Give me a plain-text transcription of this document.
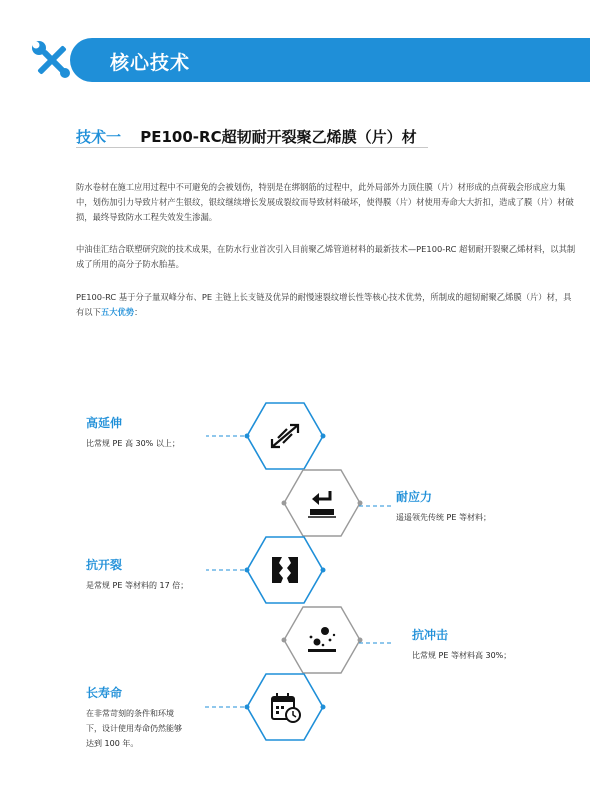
核心技术
技术一 PE100-RC超韧耐开裂聚乙烯膜（片）材
防水卷材在施工应用过程中不可避免的会被划伤，特别是在绑钢筋的过程中，此外局部外力顶住膜（片）材形成的点荷载会形成应力集中，划伤加引力导致片材产生银纹，银纹继续增长发展成裂纹而导致材料破坏，使得膜（片）材使用寿命大大折扣，造成了膜（片）材破损，最终导致防水工程失效发生渗漏。
中油佳汇结合联塑研究院的技术成果，在防水行业首次引入目前聚乙烯管道材料的最新技术—PE100-RC 超韧耐开裂聚乙烯材料，以其制成了所用的高分子防水胎基。
PE100-RC 基于分子量双峰分布、PE 主链上长支链及优异的耐慢速裂纹增长性等核心技术优势，所制成的超韧耐聚乙烯膜（片）材，具有以下五大优势：
高延伸
比常规 PE 高 30% 以上；
耐应力
遥遥领先传统 PE 等材料；
抗开裂
是常规 PE 等材料的 17 倍；
抗冲击
比常规 PE 等材料高 30%；
长寿命
在非常苛刻的条件和环境下，设计使用寿命仍然能够达到 100 年。
